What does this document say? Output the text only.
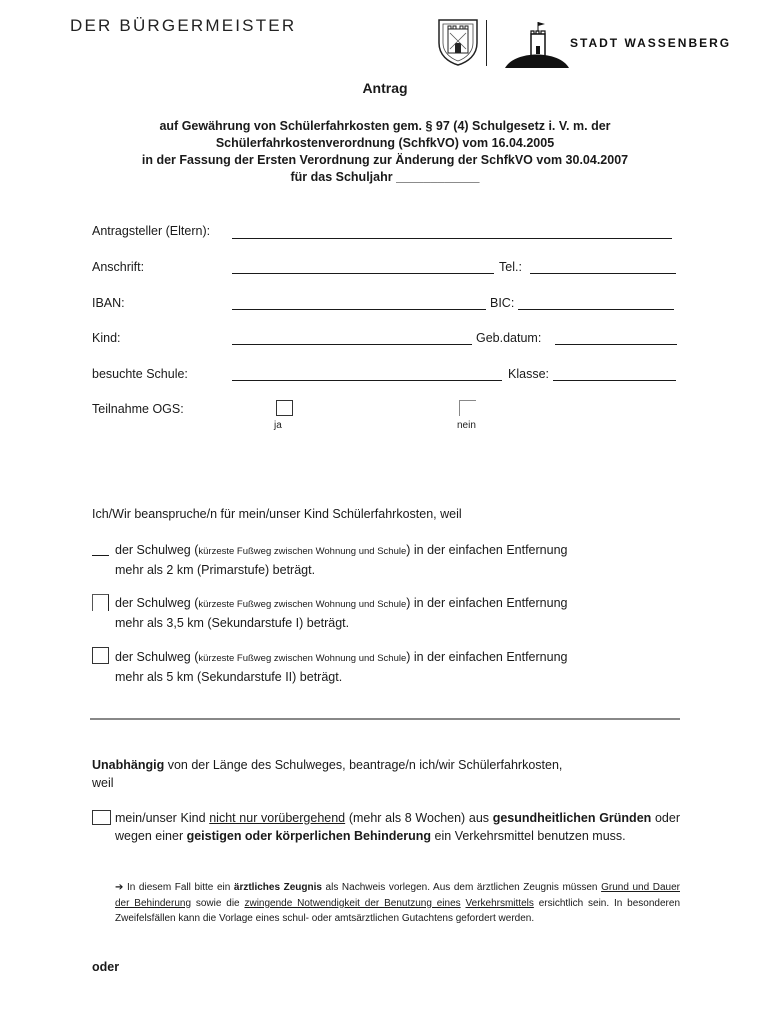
DER BÜRGERMEISTER
STADT WASSENBERG
Antrag
auf Gewährung von Schülerfahrkosten gem. § 97 (4) Schulgesetz i. V. m. der
Schülerfahrkostenverordnung (SchfkVO) vom 16.04.2005
in der Fassung der Ersten Verordnung zur Änderung der SchfkVO vom 30.04.2007
für das Schuljahr ____________
Antragsteller (Eltern):
Anschrift:	Tel.:
IBAN:	BIC:
Kind:	Geb.datum:
besuchte Schule:	Klasse:
Teilnahme OGS:
ja	nein
Ich/Wir beanspruche/n für mein/unser Kind Schülerfahrkosten, weil
der Schulweg (kürzeste Fußweg zwischen Wohnung und Schule) in der einfachen Entfernung
mehr als 2 km (Primarstufe) beträgt.
der Schulweg (kürzeste Fußweg zwischen Wohnung und Schule) in der einfachen Entfernung
mehr als 3,5 km (Sekundarstufe I) beträgt.
der Schulweg (kürzeste Fußweg zwischen Wohnung und Schule) in der einfachen Entfernung
mehr als 5 km (Sekundarstufe II) beträgt.
Unabhängig von der Länge des Schulweges, beantrage/n ich/wir Schülerfahrkosten,
weil
mein/unser Kind nicht nur vorübergehend (mehr als 8 Wochen) aus gesundheitlichen Gründen oder wegen einer geistigen oder körperlichen Behinderung ein Verkehrsmittel benutzen muss.
➔ In diesem Fall bitte ein ärztliches Zeugnis als Nachweis vorlegen. Aus dem ärztlichen Zeugnis müssen Grund und Dauer der Behinderung sowie die zwingende Notwendigkeit der Benutzung eines Verkehrsmittels ersichtlich sein. In besonderen Zweifelsfällen kann die Vorlage eines schul- oder amtsärztlichen Gutachtens gefordert werden.
oder
